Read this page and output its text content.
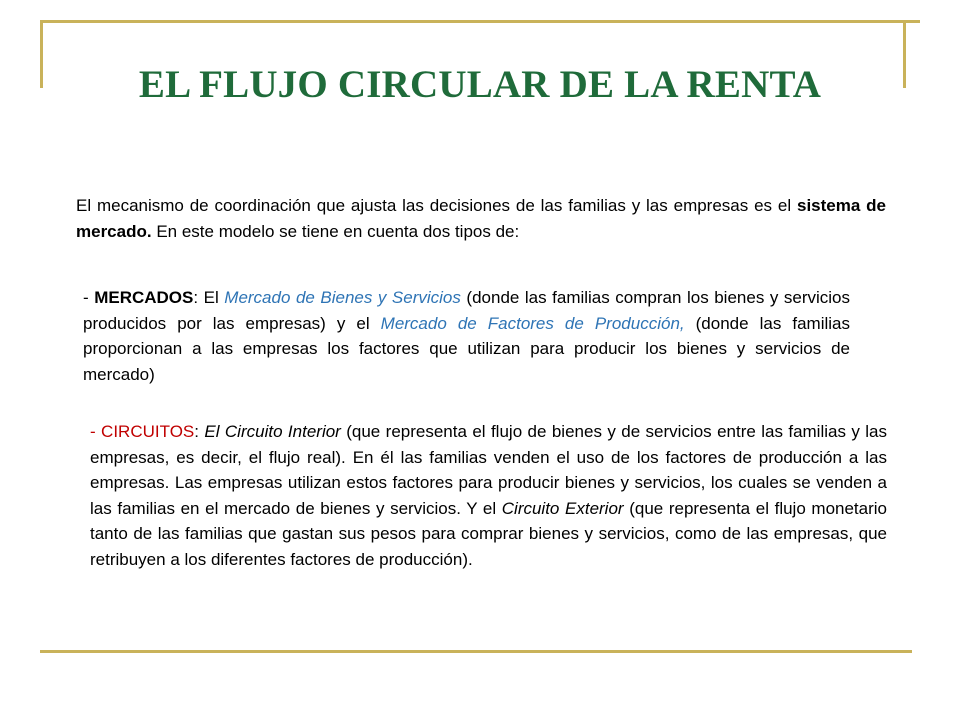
EL FLUJO CIRCULAR DE LA RENTA

El mecanismo de coordinación que ajusta las decisiones de las familias y las empresas es el sistema de mercado. En este modelo se tiene en cuenta dos tipos de:

- MERCADOS: El Mercado de Bienes y Servicios (donde las familias compran los bienes y servicios producidos por las empresas) y el Mercado de Factores de Producción, (donde las familias proporcionan a las empresas los factores que utilizan para producir los bienes y servicios de mercado)

- CIRCUITOS: El Circuito Interior (que representa el flujo de bienes y de servicios entre las familias y las empresas, es decir, el flujo real). En él las familias venden el uso de los factores de producción a las empresas. Las empresas utilizan estos factores para producir bienes y servicios, los cuales se venden a las familias en el mercado de bienes y servicios. Y el Circuito Exterior (que representa el flujo monetario tanto de las familias que gastan sus pesos para comprar bienes y servicios, como de las empresas, que retribuyen a los diferentes factores de producción).
